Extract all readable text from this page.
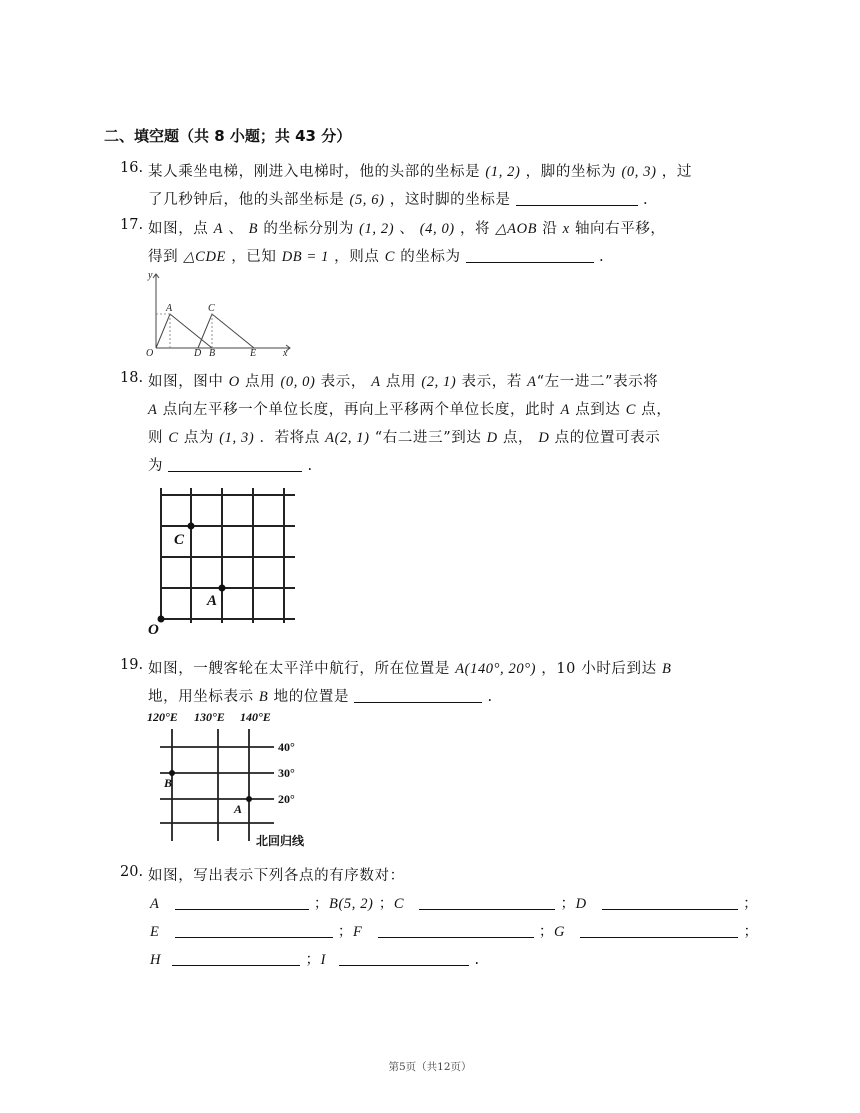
二、填空题（共 8 小题；共 43 分）
16. 某人乘坐电梯，刚进入电梯时，他的头部的坐标是 (1, 2) ，脚的坐标为 (0, 3) ，过
了几秒钟后，他的头部坐标是 (5, 6) ，这时脚的坐标是	.
17. 如图，点 A 、 B 的坐标分别为 (1, 2) 、 (4, 0) ，将 △AOB 沿 x 轴向右平移，
得到 △CDE ，已知 DB = 1 ，则点 C 的坐标为	.
y
A	C
O	D B	E	x
18. 如图，图中 O 点用 (0, 0) 表示， A 点用 (2, 1) 表示，若 A“左一进二”表示将
A 点向左平移一个单位长度，再向上平移两个单位长度，此时 A 点到达 C 点，
则 C 点为 (1, 3) ．若将点 A(2, 1) “右二进三”到达 D 点， D 点的位置可表示
为	.
C
A
O
19. 如图，一艘客轮在太平洋中航行，所在位置是 A(140°, 20°) ，10 小时后到达 B
地，用坐标表示 B 地的位置是	.
120°E 130°E 140°E
40°
30°
20°
北回归线
B
A
20. 如图，写出表示下列各点的有序数对：
A	；B(5, 2) ；C	；D	；
E	；F	；G	；
H	；I	.
第5页（共12页）
